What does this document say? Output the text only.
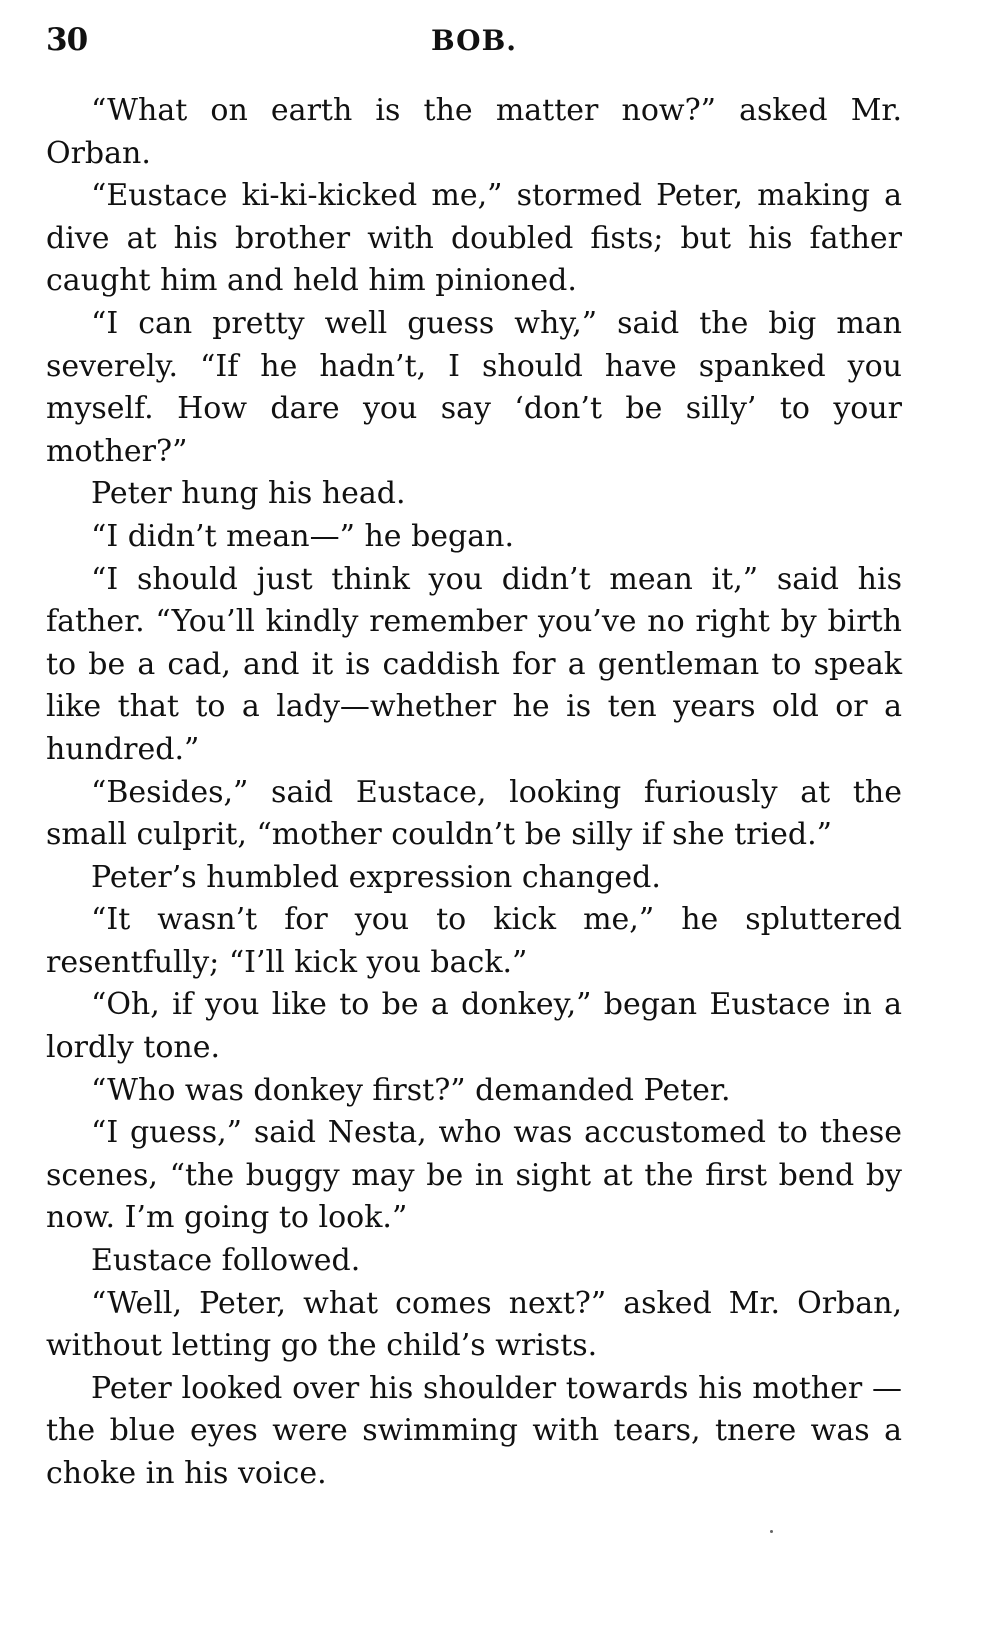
30	BOB.

“What on earth is the matter now?” asked Mr. Orban.

“Eustace ki-ki-kicked me,” stormed Peter, making a dive at his brother with doubled fists; but his father caught him and held him pinioned.

“I can pretty well guess why,” said the big man severely. “If he hadn’t, I should have spanked you myself. How dare you say ‘don’t be silly’ to your mother?”

Peter hung his head.

“I didn’t mean—” he began.

“I should just think you didn’t mean it,” said his father. “You’ll kindly remember you’ve no right by birth to be a cad, and it is caddish for a gentleman to speak like that to a lady—whether he is ten years old or a hundred.”

“Besides,” said Eustace, looking furiously at the small culprit, “mother couldn’t be silly if she tried.”

Peter’s humbled expression changed.

“It wasn’t for you to kick me,” he spluttered resentfully; “I’ll kick you back.”

“Oh, if you like to be a donkey,” began Eustace in a lordly tone.

“Who was donkey first?” demanded Peter.

“I guess,” said Nesta, who was accustomed to these scenes, “the buggy may be in sight at the first bend by now. I’m going to look.”

Eustace followed.

“Well, Peter, what comes next?” asked Mr. Orban, without letting go the child’s wrists.

Peter looked over his shoulder towards his mother —the blue eyes were swimming with tears, tnere was a choke in his voice.
